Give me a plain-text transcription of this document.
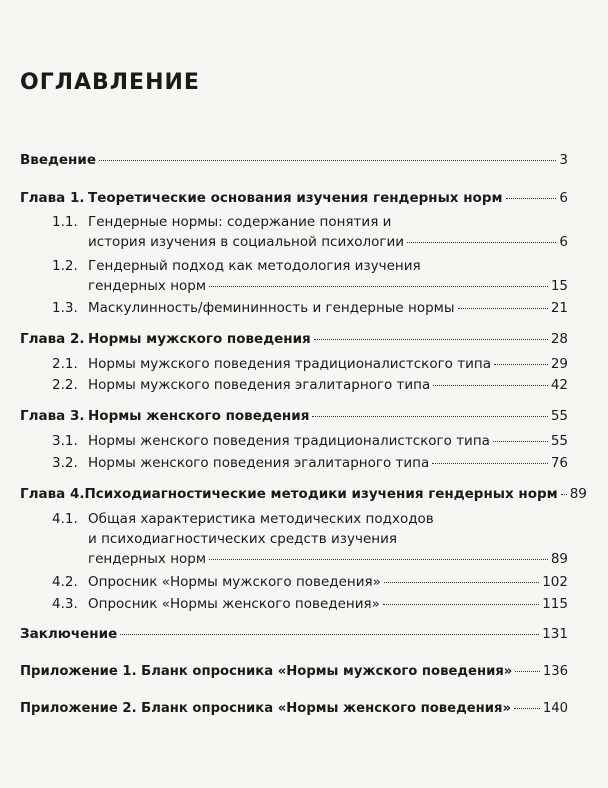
ОГЛАВЛЕНИЕ
Введение	3
Глава 1. Теоретические основания изучения гендерных норм	6
1.1. Гендерные нормы: содержание понятия и
история изучения в социальной психологии	6
1.2. Гендерный подход как методология изучения
гендерных норм	15
1.3. Маскулинность/фемининность и гендерные нормы	21
Глава 2. Нормы мужского поведения	28
2.1. Нормы мужского поведения традиционалистского типа	29
2.2. Нормы мужского поведения эгалитарного типа	42
Глава 3. Нормы женского поведения	55
3.1. Нормы женского поведения традиционалистского типа	55
3.2. Нормы женского поведения эгалитарного типа	76
Глава 4. Психодиагностические методики изучения гендерных норм 89
4.1. Общая характеристика методических подходов
и психодиагностических средств изучения
гендерных норм	89
4.2. Опросник «Нормы мужского поведения»	102
4.3. Опросник «Нормы женского поведения»	115
Заключение	131
Приложение 1. Бланк опросника «Нормы мужского поведения» 136
Приложение 2. Бланк опросника «Нормы женского поведения» 140
